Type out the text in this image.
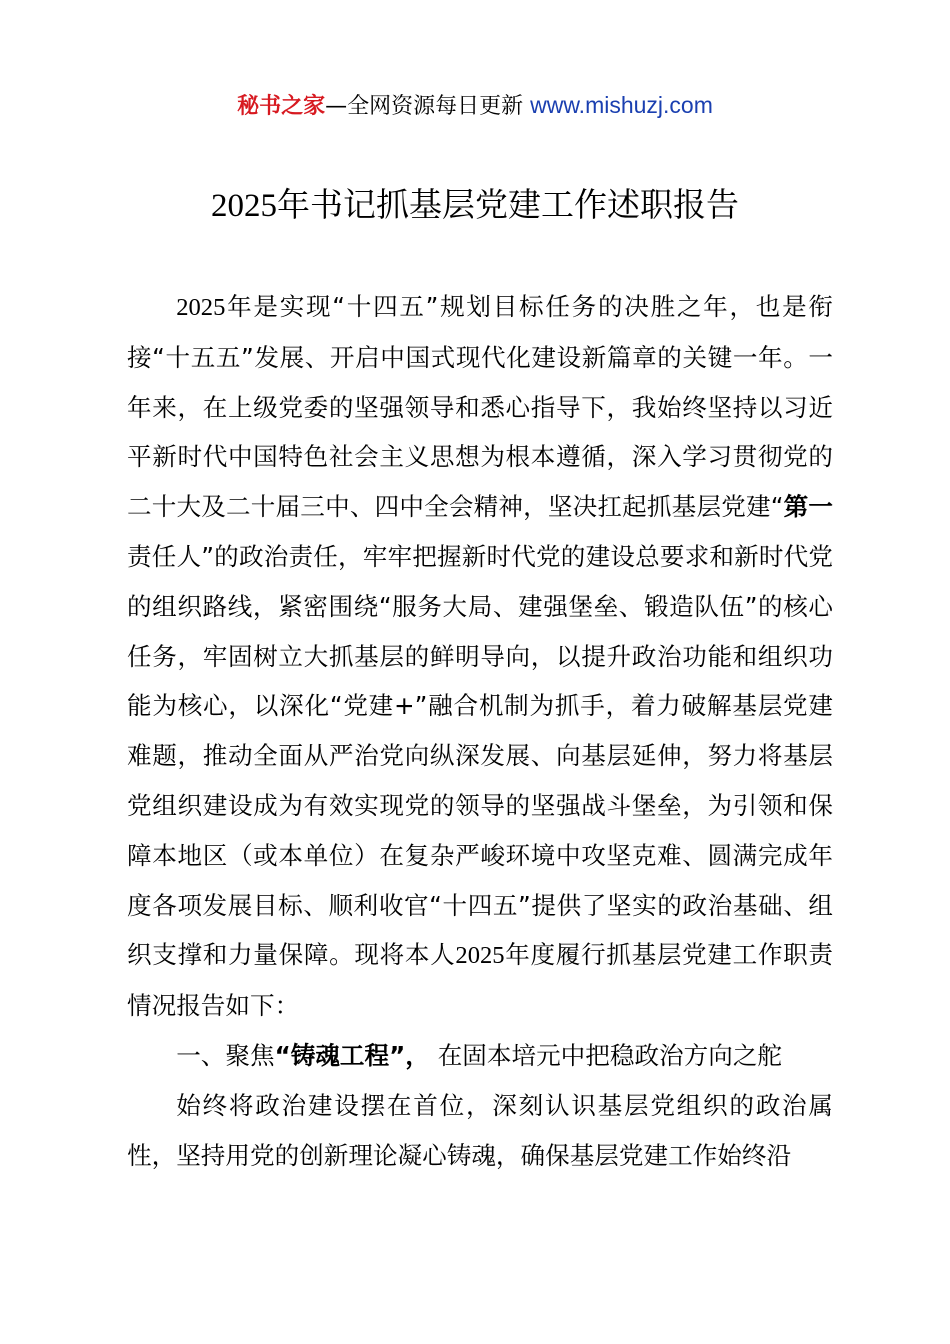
秘书之家—全网资源每日更新 www.mishuzj.com
2025年书记抓基层党建工作述职报告

2025年是实现“十四五”规划目标任务的决胜之年，也是衔接“十五五”发展、开启中国式现代化建设新篇章的关键一年。一年来，在上级党委的坚强领导和悉心指导下，我始终坚持以习近平新时代中国特色社会主义思想为根本遵循，深入学习贯彻党的二十大及二十届三中、四中全会精神，坚决扛起抓基层党建“第一责任人”的政治责任，牢牢把握新时代党的建设总要求和新时代党的组织路线，紧密围绕“服务大局、建强堡垒、锻造队伍”的核心任务，牢固树立大抓基层的鲜明导向，以提升政治功能和组织功能为核心，以深化“党建+”融合机制为抓手，着力破解基层党建难题，推动全面从严治党向纵深发展、向基层延伸，努力将基层党组织建设成为有效实现党的领导的坚强战斗堡垒，为引领和保障本地区（或本单位）在复杂严峻环境中攻坚克难、圆满完成年度各项发展目标、顺利收官“十四五”提供了坚实的政治基础、组织支撑和力量保障。现将本人2025年度履行抓基层党建工作职责情况报告如下：

一、聚焦“铸魂工程”， 在固本培元中把稳政治方向之舵

始终将政治建设摆在首位，深刻认识基层党组织的政治属性，坚持用党的创新理论凝心铸魂，确保基层党建工作始终沿
